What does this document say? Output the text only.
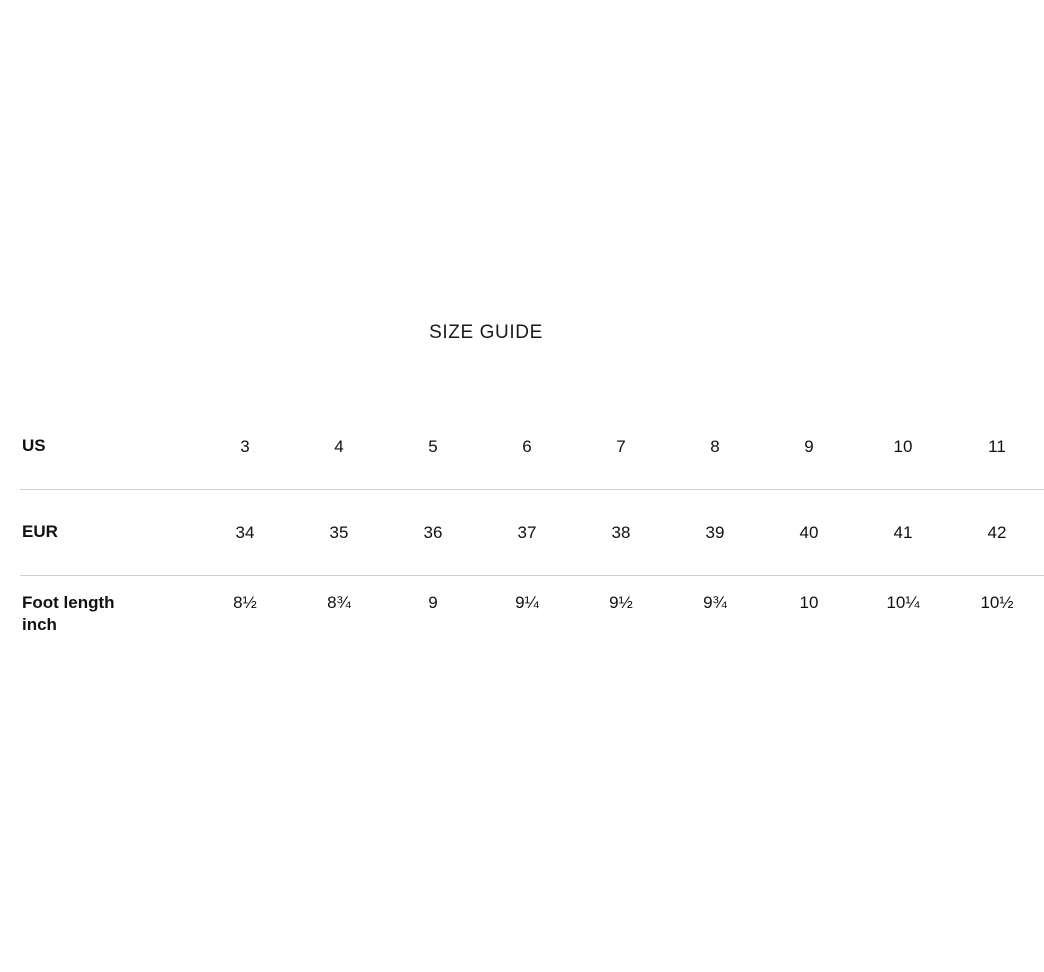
SIZE GUIDE
US	3	4	5	6	7	8	9	10	11
EUR	34	35	36	37	38	39	40	41	42
Foot length
inch	8½	8¾	9	9¼	9½	9¾	10	10¼	10½
